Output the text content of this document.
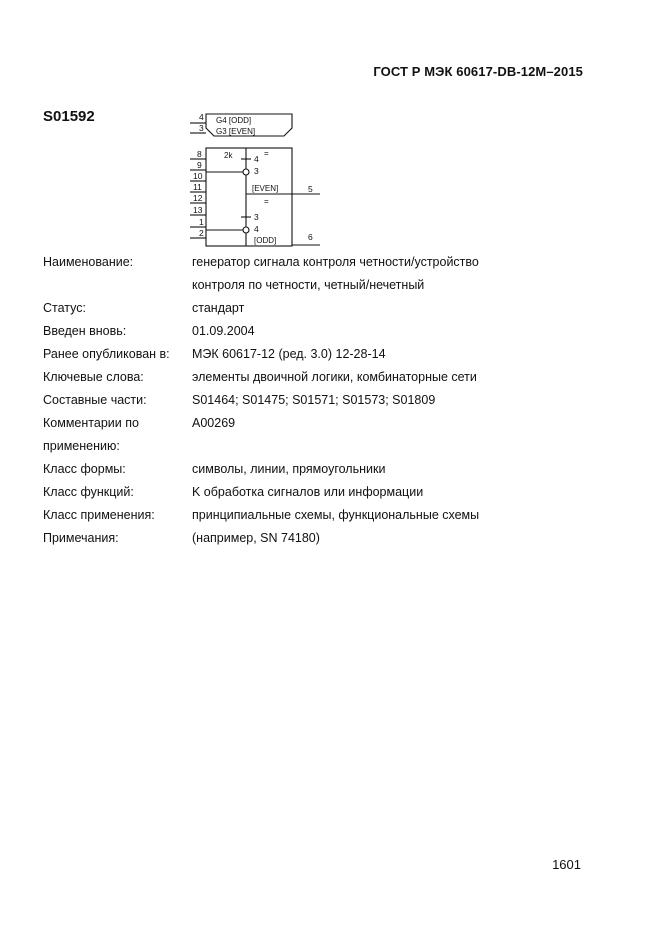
ГОСТ Р МЭК 60617-DB-12М–2015
S01592	G4 [ODD]
G3 [EVEN]
4
3
2k	=
=
8
9
10
11
12
13
1
2
4
3
3
4
[EVEN]
[ODD]
5
6
Наименование:	генератор сигнала контроля четности/устройство
контроля по четности, четный/нечетный
Статус:	стандарт
Введен вновь:	01.09.2004
Ранее опубликован в:	МЭК 60617-12 (ред. 3.0) 12-28-14
Ключевые слова:	элементы двоичной логики, комбинаторные сети
Составные части:	S01464; S01475; S01571; S01573; S01809
Комментарии по	A00269
применению:
Класс формы:	символы, линии, прямоугольники
Класс функций:	K обработка сигналов или информации
Класс применения:	принципиальные схемы, функциональные схемы
Примечания:	(например, SN 74180)
1601
